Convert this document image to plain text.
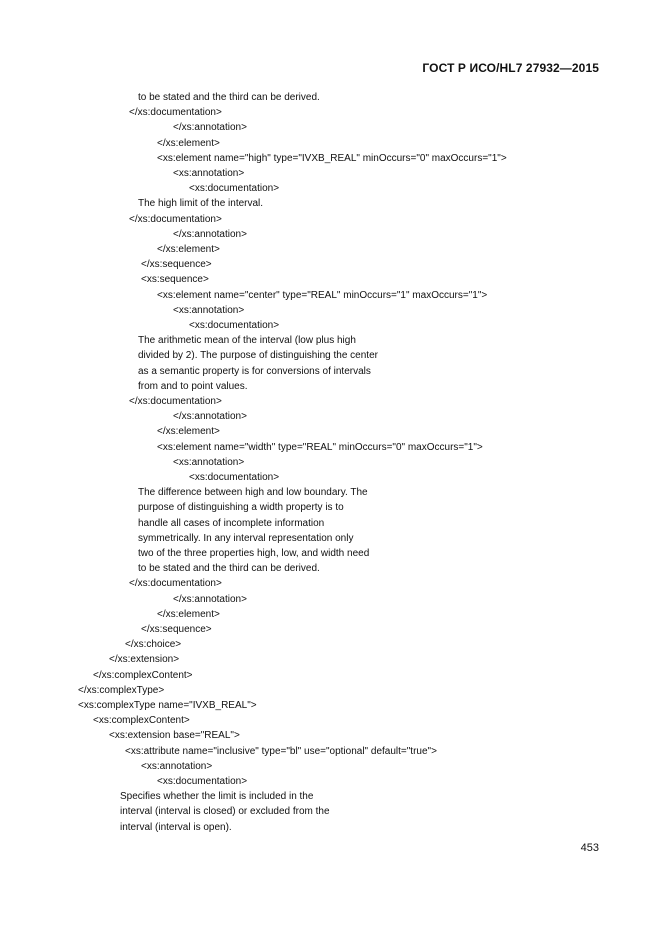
ГОСТ Р ИСО/HL7 27932—2015
to be stated and the third can be derived.
</xs:documentation>
</xs:annotation>
</xs:element>
<xs:element name="high" type="IVXB_REAL" minOccurs="0" maxOccurs="1">
<xs:annotation>
<xs:documentation>
The high limit of the interval.
</xs:documentation>
</xs:annotation>
</xs:element>
</xs:sequence>
<xs:sequence>
<xs:element name="center" type="REAL" minOccurs="1" maxOccurs="1">
<xs:annotation>
<xs:documentation>
The arithmetic mean of the interval (low plus high
divided by 2). The purpose of distinguishing the center
as a semantic property is for conversions of intervals
from and to point values.
</xs:documentation>
</xs:annotation>
</xs:element>
<xs:element name="width" type="REAL" minOccurs="0" maxOccurs="1">
<xs:annotation>
<xs:documentation>
The difference between high and low boundary. The
purpose of distinguishing a width property is to
handle all cases of incomplete information
symmetrically. In any interval representation only
two of the three properties high, low, and width need
to be stated and the third can be derived.
</xs:documentation>
</xs:annotation>
</xs:element>
</xs:sequence>
</xs:choice>
</xs:extension>
</xs:complexContent>
</xs:complexType>
<xs:complexType name="IVXB_REAL">
<xs:complexContent>
<xs:extension base="REAL">
<xs:attribute name="inclusive" type="bl" use="optional" default="true">
<xs:annotation>
<xs:documentation>
Specifies whether the limit is included in the
interval (interval is closed) or excluded from the
interval (interval is open).
453
